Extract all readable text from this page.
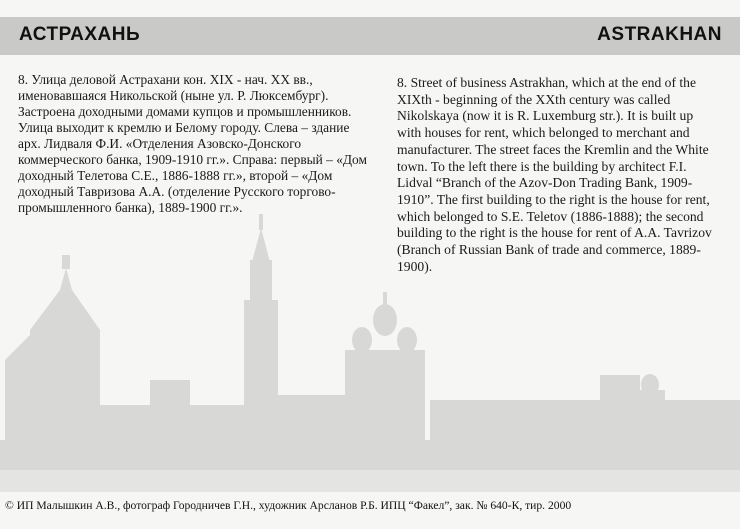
АСТРАХАНЬ	ASTRAKHAN

8. Улица деловой Астрахани кон. XIX - нач. XX вв., именовавшаяся Никольской (ныне ул. Р. Люксембург). Застроена доходными домами купцов и промышленников. Улица выходит к кремлю и Белому городу. Слева – здание арх. Лидваля Ф.И. «Отделения Азовско-Донского коммерческого банка, 1909-1910 гг.». Справа: первый – «Дом доходный Телетова С.Е., 1886-1888 гг.», второй – «Дом доходный Тавризова А.А. (отделение Русского торгово-промышленного банка), 1889-1900 гг.».

8. Street of business Astrakhan, which at the end of the XIXth - beginning of the XXth century was called Nikolskaya (now it is R. Luxemburg str.). It is built up with houses for rent, which belonged to merchant and manufacturer. The street faces the Kremlin and the White town. To the left there is the building by architect F.I. Lidval “Branch of the Azov-Don Trading Bank, 1909-1910”. The first building to the right is the house for rent, which belonged to S.E. Teletov (1886-1888); the second building to the right is the house for rent of A.A. Tavrizov (Branch of Russian Bank of trade and commerce, 1889-1900).

© ИП Малышкин А.В., фотограф Городничев Г.Н., художник Арсланов Р.Б. ИПЦ “Факел”, зак. № 640-К, тир. 2000
